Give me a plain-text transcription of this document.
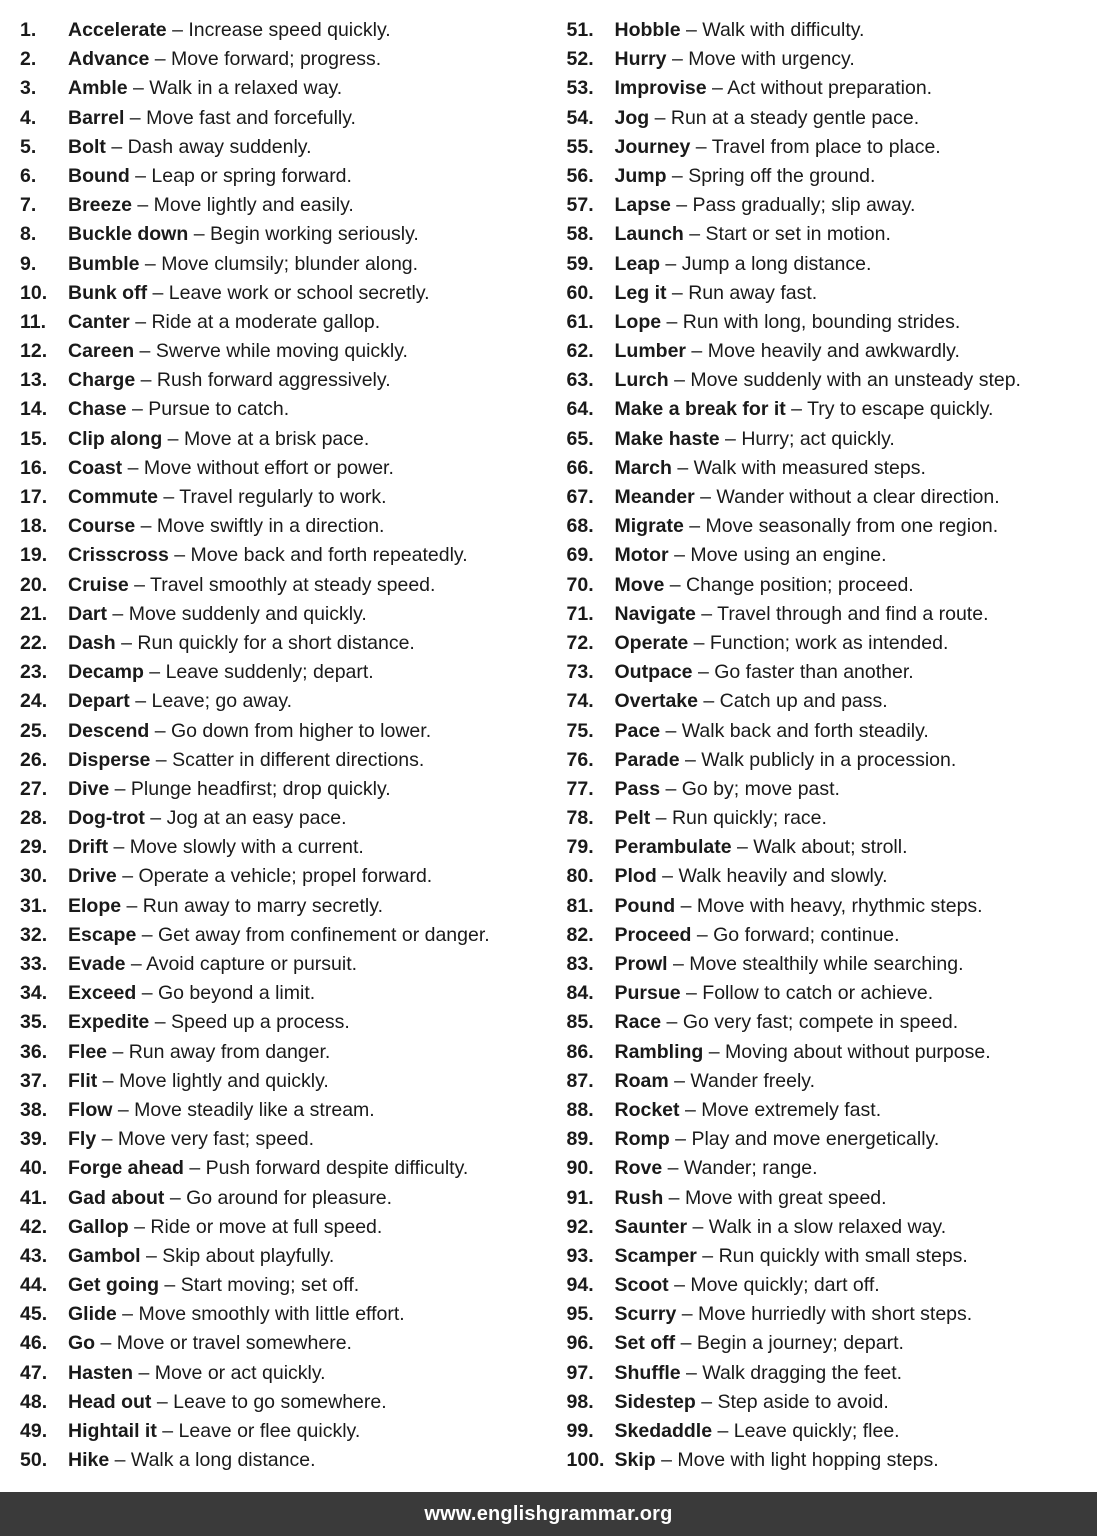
1. Accelerate – Increase speed quickly.
2. Advance – Move forward; progress.
3. Amble – Walk in a relaxed way.
4. Barrel – Move fast and forcefully.
5. Bolt – Dash away suddenly.
6. Bound – Leap or spring forward.
7. Breeze – Move lightly and easily.
8. Buckle down – Begin working seriously.
9. Bumble – Move clumsily; blunder along.
10. Bunk off – Leave work or school secretly.
11. Canter – Ride at a moderate gallop.
12. Careen – Swerve while moving quickly.
13. Charge – Rush forward aggressively.
14. Chase – Pursue to catch.
15. Clip along – Move at a brisk pace.
16. Coast – Move without effort or power.
17. Commute – Travel regularly to work.
18. Course – Move swiftly in a direction.
19. Crisscross – Move back and forth repeatedly.
20. Cruise – Travel smoothly at steady speed.
21. Dart – Move suddenly and quickly.
22. Dash – Run quickly for a short distance.
23. Decamp – Leave suddenly; depart.
24. Depart – Leave; go away.
25. Descend – Go down from higher to lower.
26. Disperse – Scatter in different directions.
27. Dive – Plunge headfirst; drop quickly.
28. Dog-trot – Jog at an easy pace.
29. Drift – Move slowly with a current.
30. Drive – Operate a vehicle; propel forward.
31. Elope – Run away to marry secretly.
32. Escape – Get away from confinement or danger.
33. Evade – Avoid capture or pursuit.
34. Exceed – Go beyond a limit.
35. Expedite – Speed up a process.
36. Flee – Run away from danger.
37. Flit – Move lightly and quickly.
38. Flow – Move steadily like a stream.
39. Fly – Move very fast; speed.
40. Forge ahead – Push forward despite difficulty.
41. Gad about – Go around for pleasure.
42. Gallop – Ride or move at full speed.
43. Gambol – Skip about playfully.
44. Get going – Start moving; set off.
45. Glide – Move smoothly with little effort.
46. Go – Move or travel somewhere.
47. Hasten – Move or act quickly.
48. Head out – Leave to go somewhere.
49. Hightail it – Leave or flee quickly.
50. Hike – Walk a long distance.
51. Hobble – Walk with difficulty.
52. Hurry – Move with urgency.
53. Improvise – Act without preparation.
54. Jog – Run at a steady gentle pace.
55. Journey – Travel from place to place.
56. Jump – Spring off the ground.
57. Lapse – Pass gradually; slip away.
58. Launch – Start or set in motion.
59. Leap – Jump a long distance.
60. Leg it – Run away fast.
61. Lope – Run with long, bounding strides.
62. Lumber – Move heavily and awkwardly.
63. Lurch – Move suddenly with an unsteady step.
64. Make a break for it – Try to escape quickly.
65. Make haste – Hurry; act quickly.
66. March – Walk with measured steps.
67. Meander – Wander without a clear direction.
68. Migrate – Move seasonally from one region.
69. Motor – Move using an engine.
70. Move – Change position; proceed.
71. Navigate – Travel through and find a route.
72. Operate – Function; work as intended.
73. Outpace – Go faster than another.
74. Overtake – Catch up and pass.
75. Pace – Walk back and forth steadily.
76. Parade – Walk publicly in a procession.
77. Pass – Go by; move past.
78. Pelt – Run quickly; race.
79. Perambulate – Walk about; stroll.
80. Plod – Walk heavily and slowly.
81. Pound – Move with heavy, rhythmic steps.
82. Proceed – Go forward; continue.
83. Prowl – Move stealthily while searching.
84. Pursue – Follow to catch or achieve.
85. Race – Go very fast; compete in speed.
86. Rambling – Moving about without purpose.
87. Roam – Wander freely.
88. Rocket – Move extremely fast.
89. Romp – Play and move energetically.
90. Rove – Wander; range.
91. Rush – Move with great speed.
92. Saunter – Walk in a slow relaxed way.
93. Scamper – Run quickly with small steps.
94. Scoot – Move quickly; dart off.
95. Scurry – Move hurriedly with short steps.
96. Set off – Begin a journey; depart.
97. Shuffle – Walk dragging the feet.
98. Sidestep – Step aside to avoid.
99. Skedaddle – Leave quickly; flee.
100. Skip – Move with light hopping steps.
www.englishgrammar.org
